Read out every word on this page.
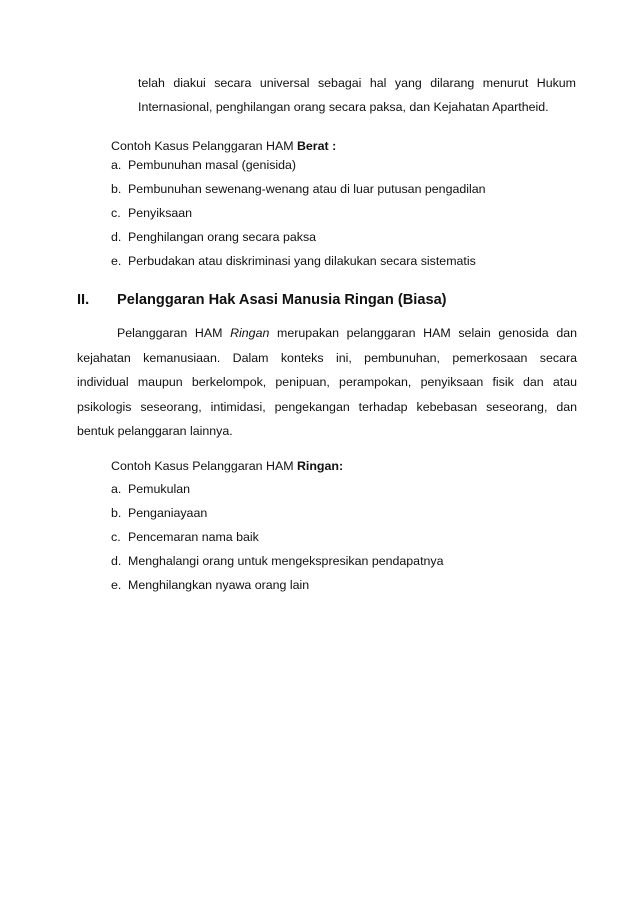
telah diakui secara universal sebagai hal yang dilarang menurut Hukum

Internasional, penghilangan orang secara paksa, dan Kejahatan Apartheid.

Contoh Kasus Pelanggaran HAM Berat :
a. Pembunuhan masal (genisida)
b. Pembunuhan sewenang-wenang atau di luar putusan pengadilan
c. Penyiksaan
d. Penghilangan orang secara paksa
e. Perbudakan atau diskriminasi yang dilakukan secara sistematis
II. Pelanggaran Hak Asasi Manusia Ringan (Biasa)
Pelanggaran HAM Ringan merupakan pelanggaran HAM selain genosida dan
kejahatan kemanusiaan. Dalam konteks ini, pembunuhan, pemerkosaan secara
individual maupun berkelompok, penipuan, perampokan, penyiksaan fisik dan atau
psikologis seseorang, intimidasi, pengekangan terhadap kebebasan seseorang, dan
bentuk pelanggaran lainnya.
Contoh Kasus Pelanggaran HAM Ringan:
a. Pemukulan
b. Penganiayaan
c. Pencemaran nama baik
d. Menghalangi orang untuk mengekspresikan pendapatnya
e. Menghilangkan nyawa orang lain
